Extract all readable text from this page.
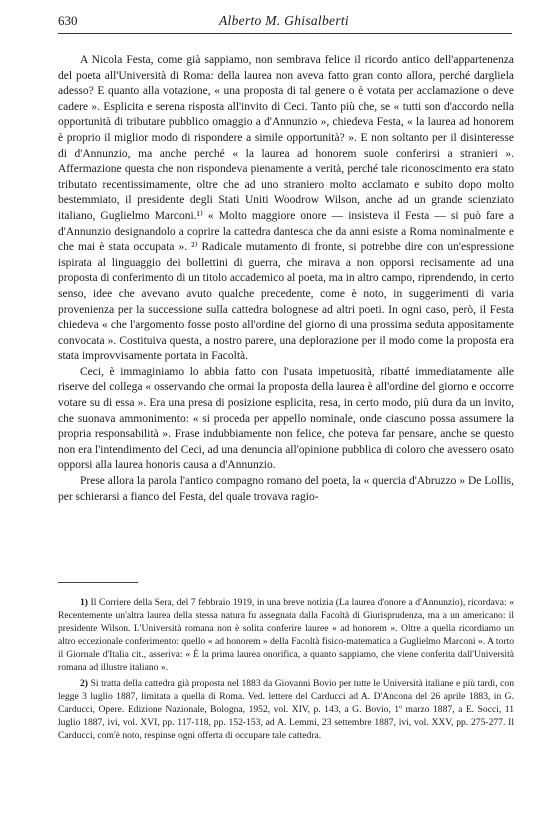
630	Alberto M. Ghisalberti

A Nicola Festa, come già sappiamo, non sembrava felice il ricordo antico dell'appartenenza del poeta all'Università di Roma: della laurea non aveva fatto gran conto allora, perché dargliela adesso? E quanto alla votazione, « una proposta di tal genere o è votata per acclamazione o deve cadere ». Esplicita e serena risposta all'invito di Ceci. Tanto più che, se « tutti son d'accordo nella opportunità di tributare pubblico omaggio a d'Annunzio », chiedeva Festa, « la laurea ad honorem è proprio il miglior modo di rispondere a simile opportunità? ». E non soltanto per il disinteresse di d'Annunzio, ma anche perché « la laurea ad honorem suole conferirsi a stranieri ». Affermazione questa che non rispondeva pienamente a verità, perché tale riconoscimento era stato tributato recentissimamente, oltre che ad uno straniero molto acclamato e subito dopo molto bestemmiato, il presidente degli Stati Uniti Woodrow Wilson, anche ad un grande scienziato italiano, Guglielmo Marconi.¹⁾ « Molto maggiore onore — insisteva il Festa — si può fare a d'Annunzio designandolo a coprire la cattedra dantesca che da anni esiste a Roma nominalmente e che mai è stata occupata ». ²⁾ Radicale mutamento di fronte, si potrebbe dire con un'espressione ispirata al linguaggio dei bollettini di guerra, che mirava a non opporsi recisamente ad una proposta di conferimento di un titolo accademico al poeta, ma in altro campo, riprendendo, in certo senso, idee che avevano avuto qualche precedente, come è noto, in suggerimenti di varia provenienza per la successione sulla cattedra bolognese ad altri poeti. In ogni caso, però, il Festa chiedeva « che l'argomento fosse posto all'ordine del giorno di una prossima seduta appositamente convocata ». Costituiva questa, a nostro parere, una deplorazione per il modo come la proposta era stata improvvisamente portata in Facoltà.

Ceci, è immaginiamo lo abbia fatto con l'usata impetuosità, ribatté immediatamente alle riserve del collega « osservando che ormai la proposta della laurea è all'ordine del giorno e occorre votare su di essa ». Era una presa di posizione esplicita, resa, in certo modo, più dura da un invito, che suonava ammonimento: « si proceda per appello nominale, onde ciascuno possa assumere la propria responsabilità ». Frase indubbiamente non felice, che poteva far pensare, anche se questo non era l'intendimento del Ceci, ad una denuncia all'opinione pubblica di coloro che avessero osato opporsi alla laurea honoris causa a d'Annunzio.

Prese allora la parola l'antico compagno romano del poeta, la « quercia d'Abruzzo » De Lollis, per schierarsi a fianco del Festa, del quale trovava ragio-

1) Il Corriere della Sera, del 7 febbraio 1919, in una breve notizia (La laurea d'onore a d'Annunzio), ricordava: « Recentemente un'altra laurea della stessa natura fu assegnata dalla Facoltà di Giurisprudenza, ma a un americano: il presidente Wilson. L'Università romana non è solita conferire lauree « ad honorem ». Oltre a quella ricordiamo un altro eccezionale conferimento: quello « ad honorem » della Facoltà fisico-matematica a Guglielmo Marconi ». A torto il Giornale d'Italia cit., asseriva: « È la prima laurea onorifica, a quanto sappiamo, che viene conferita dall'Università romana ad illustre italiano ».

2) Si tratta della cattedra già proposta nel 1883 da Giovanni Bovio per tutte le Università italiane e più tardi, con legge 3 luglio 1887, limitata a quella di Roma. Ved. lettere del Carducci ad A. D'Ancona del 26 aprile 1883, in G. Carducci, Opere. Edizione Nazionale, Bologna, 1952, vol. XIV, p. 143, a G. Bovio, 1º marzo 1887, a E. Socci, 11 luglio 1887, ivi, vol. XVI, pp. 117-118, pp. 152-153, ad A. Lemmi, 23 settembre 1887, ivi, vol. XXV, pp. 275-277. Il Carducci, com'è noto, respinse ogni offerta di occupare tale cattedra.
